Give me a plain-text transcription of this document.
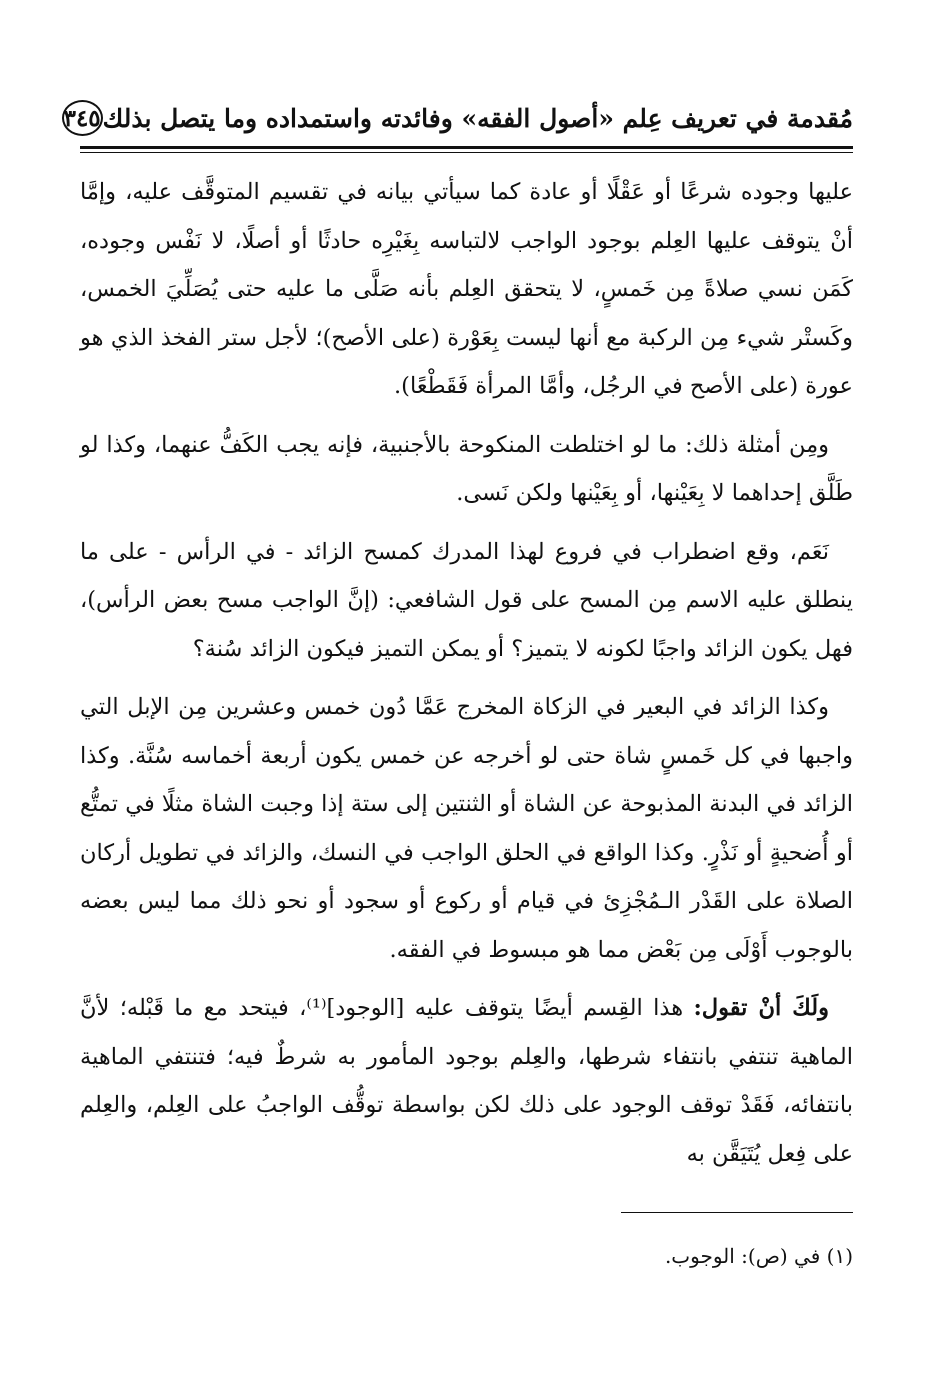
مُقدمة في تعريف عِلم «أصول الفقه» وفائدته واستمداده وما يتصل بذلك
٣٤٥

عليها وجوده شرعًا أو عَقْلًا أو عادة كما سيأتي بيانه في تقسيم المتوقَّف عليه، وإمَّا أنْ يتوقف عليها العِلم بوجود الواجب لالتباسه بِغَيْرِه حادثًا أو أصلًا، لا نَفْس وجوده، كَمَن نسي صلاةً مِن خَمسٍ، لا يتحقق العِلم بأنه صَلَّى ما عليه حتى يُصَلِّيَ الخمس، وكَستْر شيء مِن الركبة مع أنها ليست بِعَوْرة (على الأصح)؛ لأجل ستر الفخذ الذي هو عورة (على الأصح في الرجُل، وأمَّا المرأة فَقَطْعًا).

ومِن أمثلة ذلك: ما لو اختلطت المنكوحة بالأجنبية، فإنه يجب الكَفُّ عنهما، وكذا لو طَلَّق إحداهما لا بِعَيْنها، أو بِعَيْنها ولكن نَسى.

نَعَم، وقع اضطراب في فروع لهذا المدرك كمسح الزائد - في الرأس - على ما ينطلق عليه الاسم مِن المسح على قول الشافعي: (إنَّ الواجب مسح بعض الرأس)، فهل يكون الزائد واجبًا لكونه لا يتميز؟ أو يمكن التميز فيكون الزائد سُنة؟

وكذا الزائد في البعير في الزكاة المخرج عَمَّا دُون خمس وعشرين مِن الإبل التي واجبها في كل خَمسٍ شاة حتى لو أخرجه عن خمس يكون أربعة أخماسه سُنَّة. وكذا الزائد في البدنة المذبوحة عن الشاة أو الثنتين إلى ستة إذا وجبت الشاة مثلًا في تمتُّع أو أُضحيةٍ أو نَذْرٍ. وكذا الواقع في الحلق الواجب في النسك، والزائد في تطويل أركان الصلاة على القَدْر الـمُجْزِئ في قيام أو ركوع أو سجود أو نحو ذلك مما ليس بعضه بالوجوب أَوْلَى مِن بَعْض مما هو مبسوط في الفقه.

ولَكَ أنْ تقول: هذا القِسم أيضًا يتوقف عليه [الوجود]⁽¹⁾، فيتحد مع ما قَبْله؛ لأنَّ الماهية تنتفي بانتفاء شرطها، والعِلم بوجود المأمور به شرطٌ فيه؛ فتنتفي الماهية بانتفائه، فَقَدْ توقف الوجود على ذلك لكن بواسطة توقُّف الواجبُ على العِلم، والعِلم على فِعل يُتَيَقَّن به

(١) في (ص): الوجوب.
